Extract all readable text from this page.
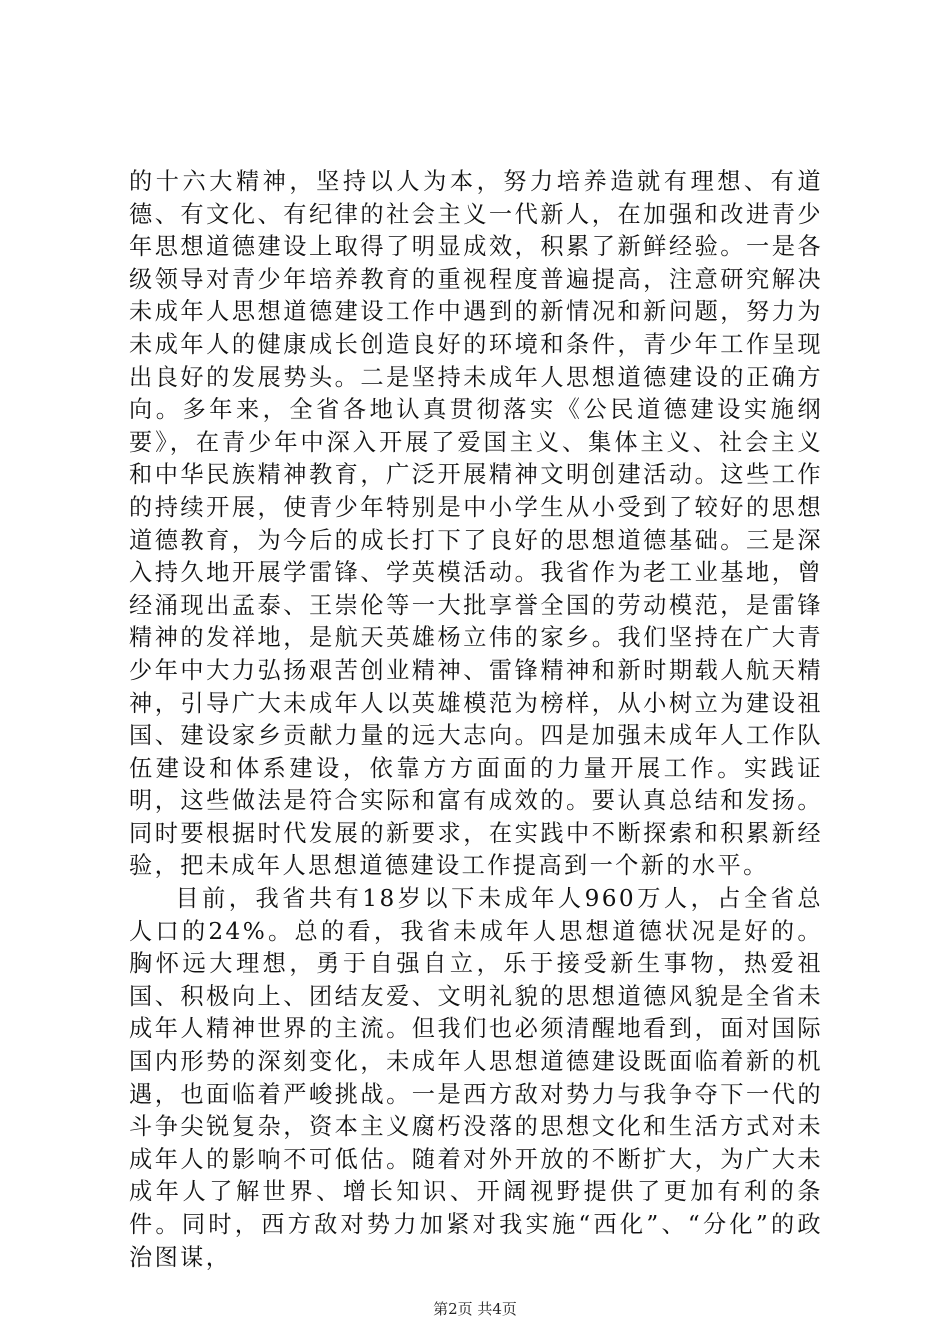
的十六大精神，坚持以人为本，努力培养造就有理想、有道德、有文化、有纪律的社会主义一代新人，在加强和改进青少年思想道德建设上取得了明显成效，积累了新鲜经验。一是各级领导对青少年培养教育的重视程度普遍提高，注意研究解决未成年人思想道德建设工作中遇到的新情况和新问题，努力为未成年人的健康成长创造良好的环境和条件，青少年工作呈现出良好的发展势头。二是坚持未成年人思想道德建设的正确方向。多年来，全省各地认真贯彻落实《公民道德建设实施纲要》，在青少年中深入开展了爱国主义、集体主义、社会主义和中华民族精神教育，广泛开展精神文明创建活动。这些工作的持续开展，使青少年特别是中小学生从小受到了较好的思想道德教育，为今后的成长打下了良好的思想道德基础。三是深入持久地开展学雷锋、学英模活动。我省作为老工业基地，曾经涌现出孟泰、王崇伦等一大批享誉全国的劳动模范，是雷锋精神的发祥地，是航天英雄杨立伟的家乡。我们坚持在广大青少年中大力弘扬艰苦创业精神、雷锋精神和新时期载人航天精神，引导广大未成年人以英雄模范为榜样，从小树立为建设祖国、建设家乡贡献力量的远大志向。四是加强未成年人工作队伍建设和体系建设，依靠方方面面的力量开展工作。实践证明，这些做法是符合实际和富有成效的。要认真总结和发扬。同时要根据时代发展的新要求，在实践中不断探索和积累新经验，把未成年人思想道德建设工作提高到一个新的水平。

目前，我省共有18岁以下未成年人960万人，占全省总人口的24%。总的看，我省未成年人思想道德状况是好的。胸怀远大理想，勇于自强自立，乐于接受新生事物，热爱祖国、积极向上、团结友爱、文明礼貌的思想道德风貌是全省未成年人精神世界的主流。但我们也必须清醒地看到，面对国际国内形势的深刻变化，未成年人思想道德建设既面临着新的机遇，也面临着严峻挑战。一是西方敌对势力与我争夺下一代的斗争尖锐复杂，资本主义腐朽没落的思想文化和生活方式对未成年人的影响不可低估。随着对外开放的不断扩大，为广大未成年人了解世界、增长知识、开阔视野提供了更加有利的条件。同时，西方敌对势力加紧对我实施“西化”、“分化”的政治图谋，

第2页 共4页
